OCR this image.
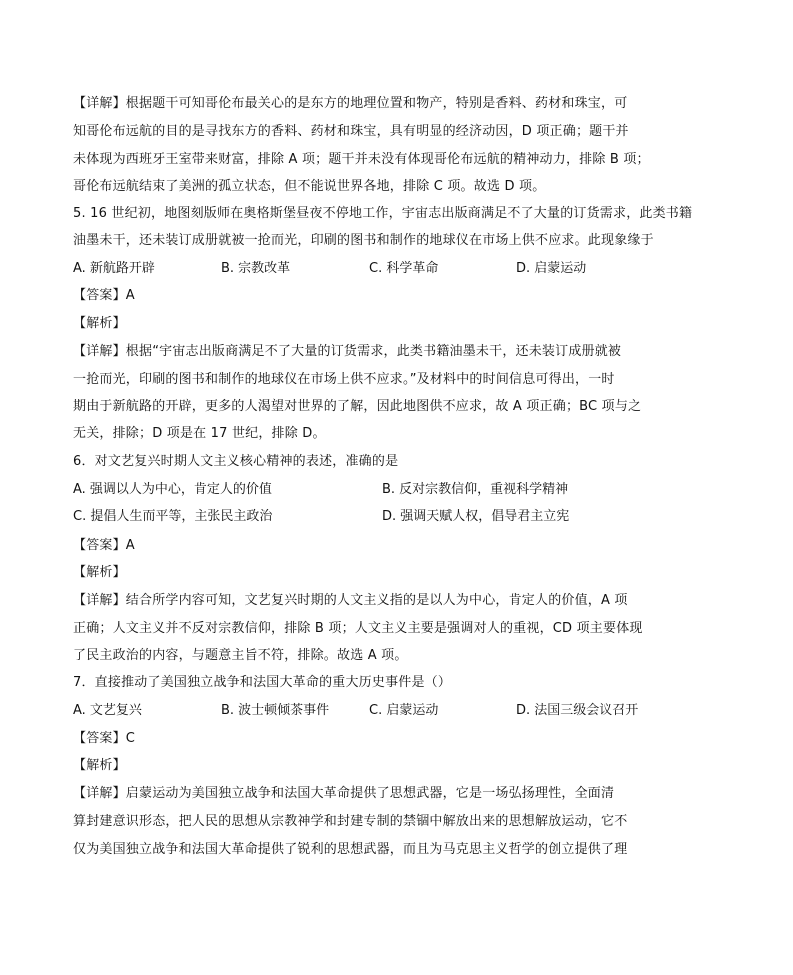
【详解】根据题干可知哥伦布最关心的是东方的地理位置和物产，特别是香料、药材和珠宝，可
知哥伦布远航的目的是寻找东方的香料、药材和珠宝，具有明显的经济动因，D 项正确；题干并
未体现为西班牙王室带来财富，排除 A 项；题干并未没有体现哥伦布远航的精神动力，排除 B 项；
哥伦布远航结束了美洲的孤立状态，但不能说世界各地，排除 C 项。故选 D 项。
5. 16 世纪初，地图刻版师在奥格斯堡昼夜不停地工作，宇宙志出版商满足不了大量的订货需求，此类书籍
油墨未干，还未装订成册就被一抢而光，印刷的图书和制作的地球仪在市场上供不应求。此现象缘于
A. 新航路开辟	B. 宗教改革	C. 科学革命	D. 启蒙运动
【答案】A
【解析】
【详解】根据“宇宙志出版商满足不了大量的订货需求，此类书籍油墨未干，还未装订成册就被
一抢而光，印刷的图书和制作的地球仪在市场上供不应求。”及材料中的时间信息可得出，一时
期由于新航路的开辟，更多的人渴望对世界的了解，因此地图供不应求，故 A 项正确；BC 项与之
无关，排除；D 项是在 17 世纪，排除 D。
6．对文艺复兴时期人文主义核心精神的表述，准确的是
A. 强调以人为中心，肯定人的价值	B. 反对宗教信仰，重视科学精神
C. 提倡人生而平等，主张民主政治	D. 强调天赋人权，倡导君主立宪
【答案】A
【解析】
【详解】结合所学内容可知，文艺复兴时期的人文主义指的是以人为中心，肯定人的价值，A 项
正确；人文主义并不反对宗教信仰，排除 B 项；人文主义主要是强调对人的重视，CD 项主要体现
了民主政治的内容，与题意主旨不符，排除。故选 A 项。
7．直接推动了美国独立战争和法国大革命的重大历史事件是（）
A. 文艺复兴	B. 波士顿倾茶事件	C. 启蒙运动	D. 法国三级会议召开
【答案】C
【解析】
【详解】启蒙运动为美国独立战争和法国大革命提供了思想武器，它是一场弘扬理性，全面清
算封建意识形态，把人民的思想从宗教神学和封建专制的禁锢中解放出来的思想解放运动，它不
仅为美国独立战争和法国大革命提供了锐利的思想武器，而且为马克思主义哲学的创立提供了理
